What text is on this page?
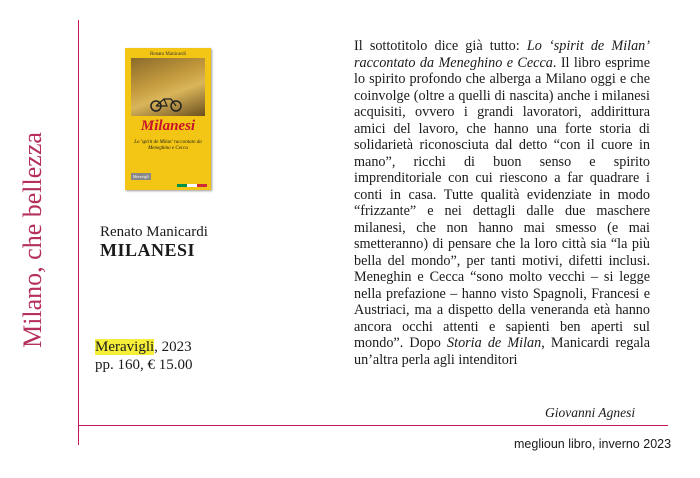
Milano, che bellezza
Renato Manicardi
Milanesi
Lo 'spirit de Milan' raccontato da Meneghino e Cecca
Meravigli
Renato Manicardi
MILANESI
Meravigli, 2023
pp. 160, € 15.00

Il sottotitolo dice già tutto: Lo ‘spirit de Milan’ raccontato da Meneghino e Cecca. Il libro esprime lo spirito profondo che alberga a Milano oggi e che coinvolge (oltre a quelli di nascita) anche i milanesi acquisiti, ovvero i grandi lavoratori, addirittura amici del lavoro, che hanno una forte storia di solidarietà riconosciuta dal detto “con il cuore in mano”, ricchi di buon senso e spirito imprenditoriale con cui riescono a far quadrare i conti in casa. Tutte qualità evidenziate in modo “frizzante” e nei dettagli dalle due maschere milanesi, che non hanno mai smesso (e mai smetteranno) di pensare che la loro città sia “la più bella del mondo”, per tanti motivi, difetti inclusi. Meneghin e Cecca “sono molto vecchi – si legge nella prefazione – hanno visto Spagnoli, Francesi e Austriaci, ma a dispetto della veneranda età hanno ancora occhi attenti e sapienti ben aperti sul mondo”. Dopo Storia de Milan, Manicardi regala un’altra perla agli intenditori

Giovanni Agnesi
meglioun libro, inverno 2023
